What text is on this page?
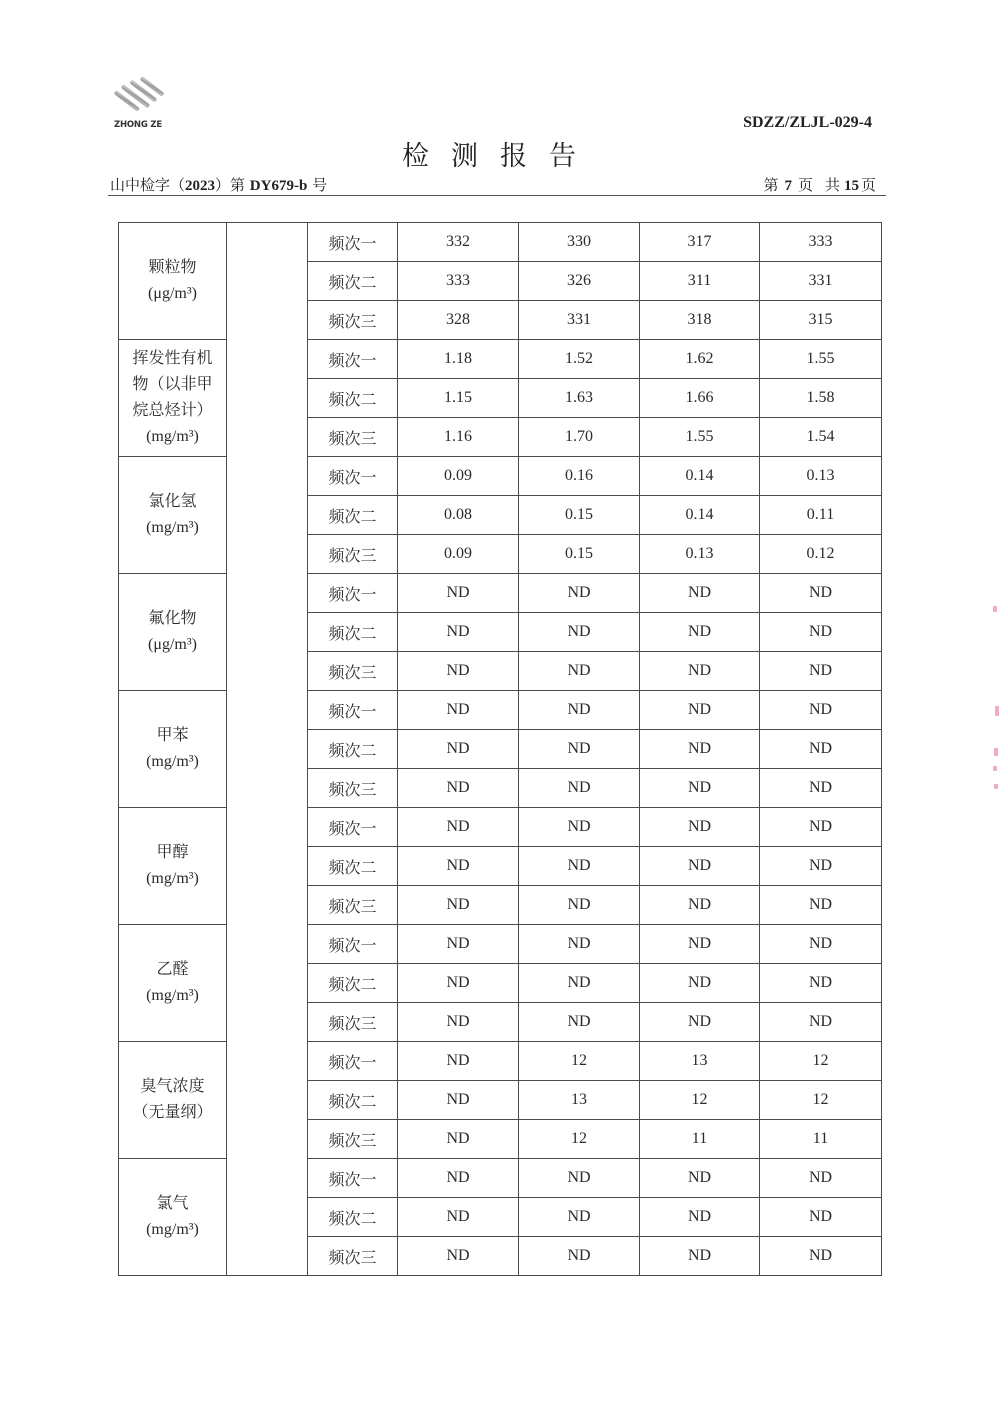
ZHONG ZE	SDZZ/ZLJL-029-4
检测报告
山中检字（2023）第 DY679-b 号	第 7 页 共 15 页
颗粒物
(μg/m³)		频次一	332	330	317	333
		频次二	333	326	311	331
		频次三	328	331	318	315

挥发性有机
物（以非甲
烷总烃计）
(mg/m³)		频次一	1.18	1.52	1.62	1.55
		频次二	1.15	1.63	1.66	1.58
		频次三	1.16	1.70	1.55	1.54

氯化氢
(mg/m³)		频次一	0.09	0.16	0.14	0.13
		频次二	0.08	0.15	0.14	0.11
		频次三	0.09	0.15	0.13	0.12

氟化物
(μg/m³)		频次一	ND	ND	ND	ND
		频次二	ND	ND	ND	ND
		频次三	ND	ND	ND	ND

甲苯
(mg/m³)		频次一	ND	ND	ND	ND
		频次二	ND	ND	ND	ND
		频次三	ND	ND	ND	ND

甲醇
(mg/m³)		频次一	ND	ND	ND	ND
		频次二	ND	ND	ND	ND
		频次三	ND	ND	ND	ND

乙醛
(mg/m³)		频次一	ND	ND	ND	ND
		频次二	ND	ND	ND	ND
		频次三	ND	ND	ND	ND

臭气浓度
（无量纲）		频次一	ND	12	13	12
		频次二	ND	13	12	12
		频次三	ND	12	11	11

氯气
(mg/m³)		频次一	ND	ND	ND	ND
		频次二	ND	ND	ND	ND
		频次三	ND	ND	ND	ND
